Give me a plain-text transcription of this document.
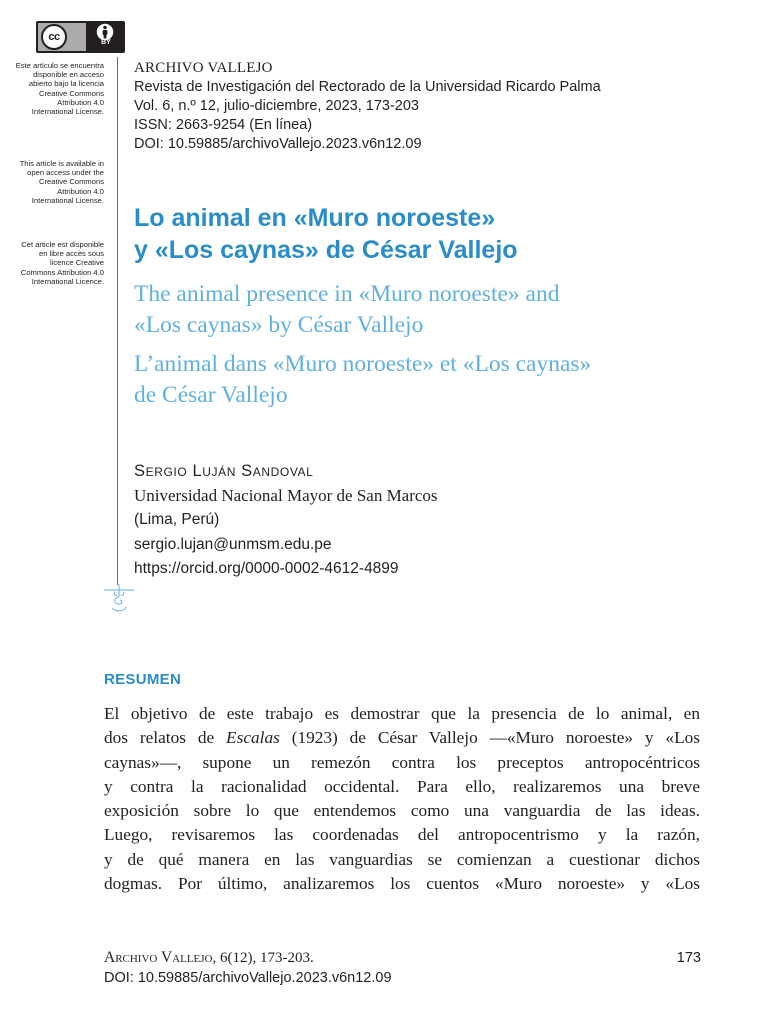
cc	BY
Este artículo se encuentra disponible en acceso abierto bajo la licencia Creative Commons Attribution 4.0 International License.
This article is available in open access under the Creative Commons Attribution 4.0 International License.
Cet article est disponible en libre accès sous licence Creative Commons Attribution 4.0 International Licence.
ARCHIVO VALLEJO
Revista de Investigación del Rectorado de la Universidad Ricardo Palma
Vol. 6, n.º 12, julio-diciembre, 2023, 173-203
ISSN: 2663-9254 (En línea)
DOI: 10.59885/archivoVallejo.2023.v6n12.09
Lo animal en «Muro noroeste»
y «Los caynas» de César Vallejo
The animal presence in «Muro noroeste» and
«Los caynas» by César Vallejo
L’animal dans «Muro noroeste» et «Los caynas»
de César Vallejo
Sergio Luján Sandoval
Universidad Nacional Mayor de San Marcos
(Lima, Perú)
sergio.lujan@unmsm.edu.pe
https://orcid.org/0000-0002-4612-4899
RESUMEN
El objetivo de este trabajo es demostrar que la presencia de lo animal, en
dos relatos de Escalas (1923) de César Vallejo —«Muro noroeste» y «Los
caynas»—, supone un remezón contra los preceptos antropocéntricos
y contra la racionalidad occidental. Para ello, realizaremos una breve
exposición sobre lo que entendemos como una vanguardia de las ideas.
Luego, revisaremos las coordenadas del antropocentrismo y la razón,
y de qué manera en las vanguardias se comienzan a cuestionar dichos
dogmas. Por último, analizaremos los cuentos «Muro noroeste» y «Los
Archivo Vallejo, 6(12), 173-203.
DOI: 10.59885/archivoVallejo.2023.v6n12.09
173
